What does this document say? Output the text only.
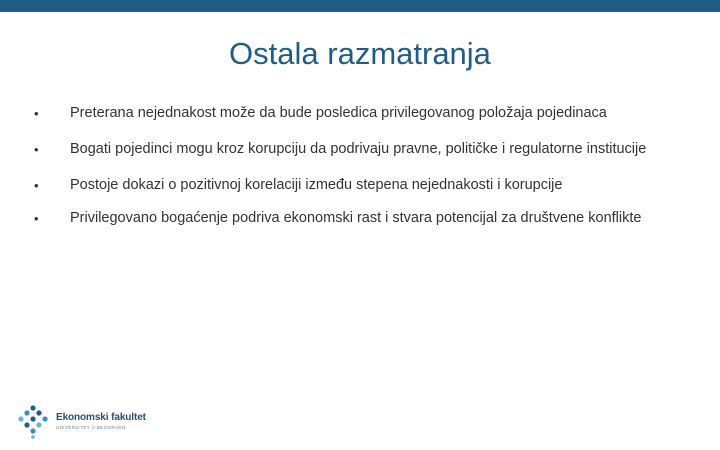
Ostala razmatranja
•	Preterana nejednakost može da bude posledica privilegovanog položaja pojedinaca
•	Bogati pojedinci mogu kroz korupciju da podrivaju pravne, političke i regulatorne institucije
•	Postoje dokazi o pozitivnoj korelaciji između stepena nejednakosti i korupcije
•	Privilegovano bogaćenje podriva ekonomski rast i stvara potencijal za društvene konflikte
Ekonomski fakultet
UNIVERZITET U BEOGRADU
